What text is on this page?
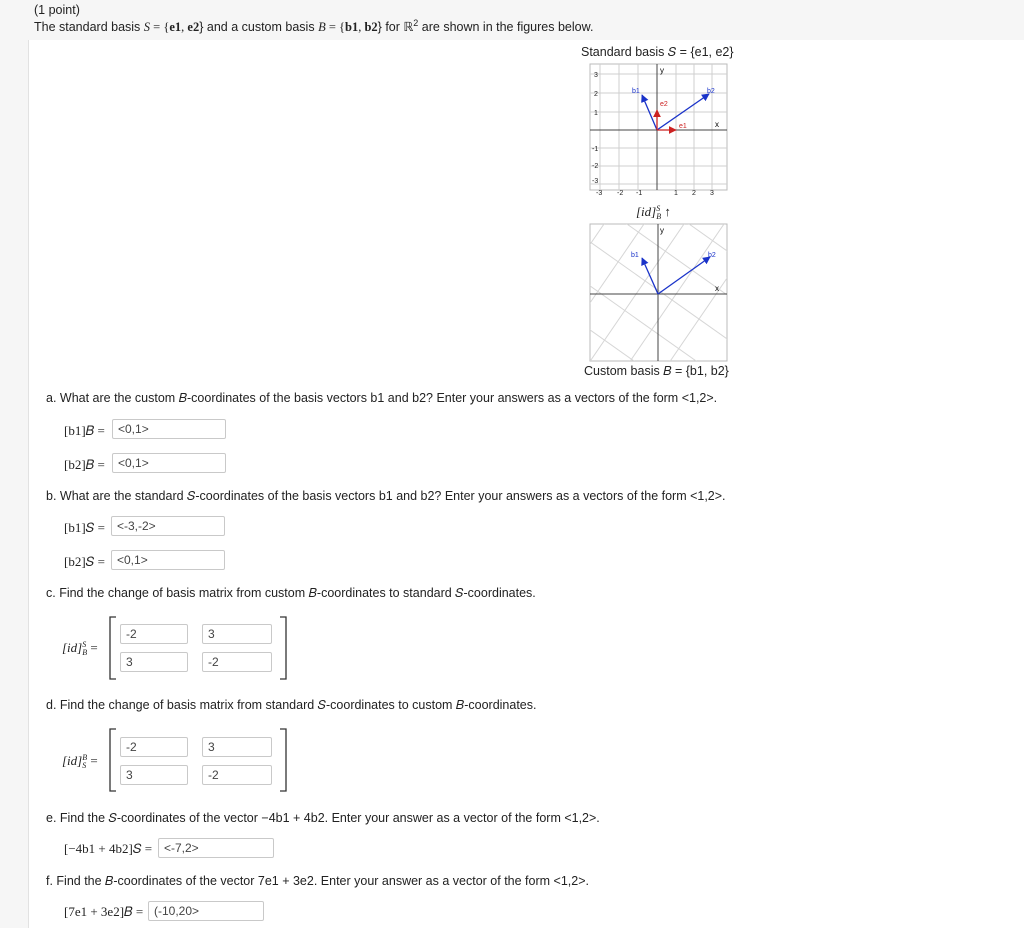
(1 point)
The standard basis S = {e1, e2} and a custom basis B = {b1, b2} for ℝ$^2$ are shown in the figures below.
Standard basis 𝑆 = {e1, e2}
y
x
3
2
1
-1
-2
-3
-3 -2 -1	1 2 3
b1	b2
e1
e2
[id] S
B ↑
y
x
b1	b2
Custom basis 𝐵 = {b1, b2}
a. What are the custom 𝐵-coordinates of the basis vectors b1 and b2? Enter your answers as a vectors of the form <1,2>.
[b1]𝐵 =	<0,1>
[b2]𝐵 =	<0,1>
b. What are the standard 𝑆-coordinates of the basis vectors b1 and b2? Enter your answers as a vectors of the form <1,2>.
[b1]𝑆 =	<-3,-2>
[b2]𝑆 =	<0,1>
c. Find the change of basis matrix from custom 𝐵-coordinates to standard 𝑆-coordinates.
[id] S
B =
-2	3
3	-2
d. Find the change of basis matrix from standard 𝑆-coordinates to custom 𝐵-coordinates.
[id] B
S =
-2	3
3	-2
e. Find the 𝑆-coordinates of the vector −4b1 + 4b2. Enter your answer as a vector of the form <1,2>.
[−4b1 + 4b2]𝑆 = <-7,2>
f. Find the 𝐵-coordinates of the vector 7e1 + 3e2. Enter your answer as a vector of the form <1,2>.
[7e1 + 3e2]𝐵 = (-10,20>
